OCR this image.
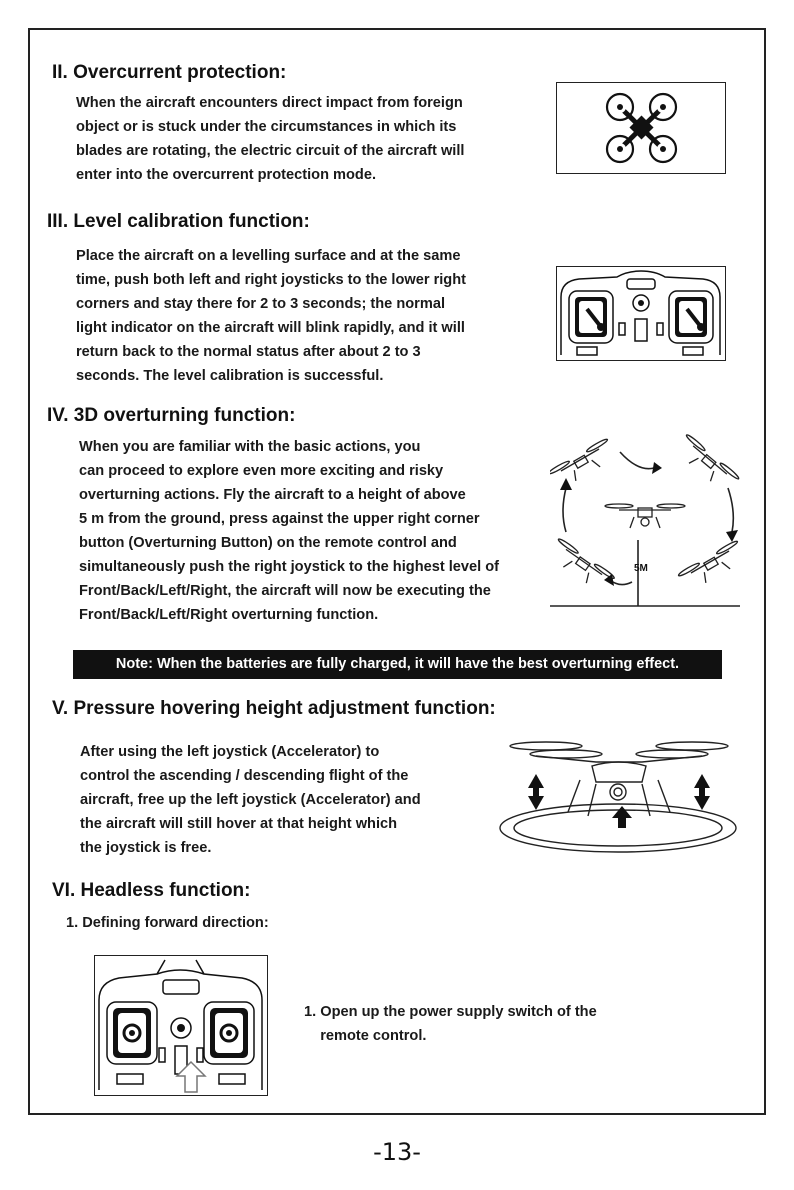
II. Overcurrent protection:
When the aircraft encounters direct impact from foreign
object or is stuck under the circumstances in which its
blades are rotating, the electric circuit of the aircraft will
enter into the overcurrent protection mode.
III. Level calibration function:
Place the aircraft on a levelling surface and at the same
time, push both left and right joysticks to the lower right
corners and stay there for 2 to 3 seconds; the normal
light indicator on the aircraft will blink rapidly, and it will
return back to the normal status after about 2 to 3
seconds. The level calibration is successful.
IV. 3D overturning function:
When you are familiar with the basic actions, you
can proceed to explore even more exciting and risky
overturning actions. Fly the aircraft to a height of above
5 m from the ground, press against the upper right corner
button (Overturning Button) on the remote control and
simultaneously push the right joystick to the highest level of
Front/Back/Left/Right, the aircraft will now be executing the
Front/Back/Left/Right overturning function.
5M
Note: When the batteries are fully charged, it will have the best overturning effect.
V. Pressure hovering height adjustment function:
After using the left joystick (Accelerator) to
control the ascending / descending flight of the
aircraft, free up the left joystick (Accelerator) and
the aircraft will still hover at that height which
the joystick is free.
VI. Headless function:
1. Defining forward direction:
1. Open up the power supply switch of the
remote control.
-13-
